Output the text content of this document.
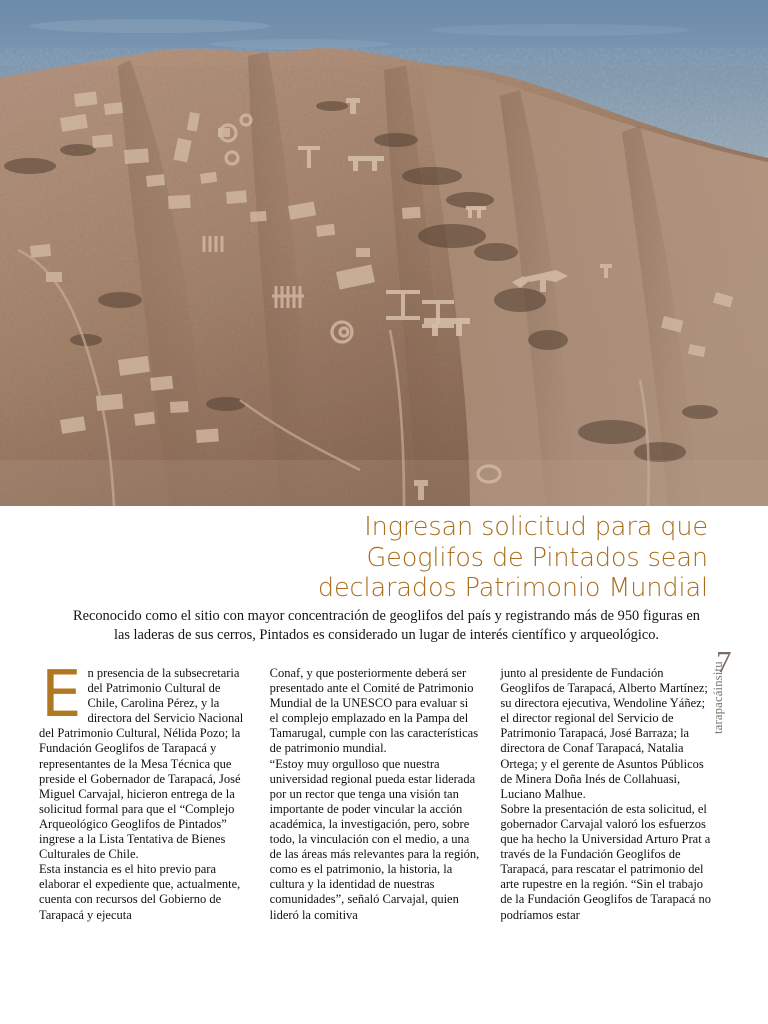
Ingresan solicitud para que
Geoglifos de Pintados sean
declarados Patrimonio Mundial

Reconocido como el sitio con mayor concentración de geoglifos del país y registrando más de 950 figuras en las laderas de sus cerros, Pintados es considerado un lugar de interés científico y arqueológico.

En presencia de la subsecretaria del Patrimonio Cultural de Chile, Carolina Pérez, y la directora del Servicio Nacional del Patrimonio Cultural, Nélida Pozo; la Fundación Geoglifos de Tarapacá y representantes de la Mesa Técnica que preside el Gobernador de Tarapacá, José Miguel Carvajal, hicieron entrega de la solicitud formal para que el “Complejo Arqueológico Geoglifos de Pintados” ingrese a la Lista Tentativa de Bienes Culturales de Chile.

Esta instancia es el hito previo para elaborar el expediente que, actualmente, cuenta con recursos del Gobierno de Tarapacá y ejecuta

Conaf, y que posteriormente deberá ser presentado ante el Comité de Patrimonio Mundial de la UNESCO para evaluar si el complejo emplazado en la Pampa del Tamarugal, cumple con las características de patrimonio mundial.

“Estoy muy orgulloso que nuestra universidad regional pueda estar liderada por un rector que tenga una visión tan importante de poder vincular la acción académica, la investigación, pero, sobre todo, la vinculación con el medio, a una de las áreas más relevantes para la región, como es el patrimonio, la historia, la cultura y la identidad de nuestras comunidades”, señaló Carvajal, quien lideró la comitiva

junto al presidente de Fundación Geoglifos de Tarapacá, Alberto Martínez; su directora ejecutiva, Wendoline Yáñez; el director regional del Servicio de Patrimonio Tarapacá, José Barraza; la directora de Conaf Tarapacá, Natalia Ortega; y el gerente de Asuntos Públicos de Minera Doña Inés de Collahuasi, Luciano Malhue.

Sobre la presentación de esta solicitud, el gobernador Carvajal valoró los esfuerzos que ha hecho la Universidad Arturo Prat a través de la Fundación Geoglifos de Tarapacá, para rescatar el patrimonio del arte rupestre en la región. “Sin el trabajo de la Fundación Geoglifos de Tarapacá no podríamos estar

7
tarapacáinsitu
